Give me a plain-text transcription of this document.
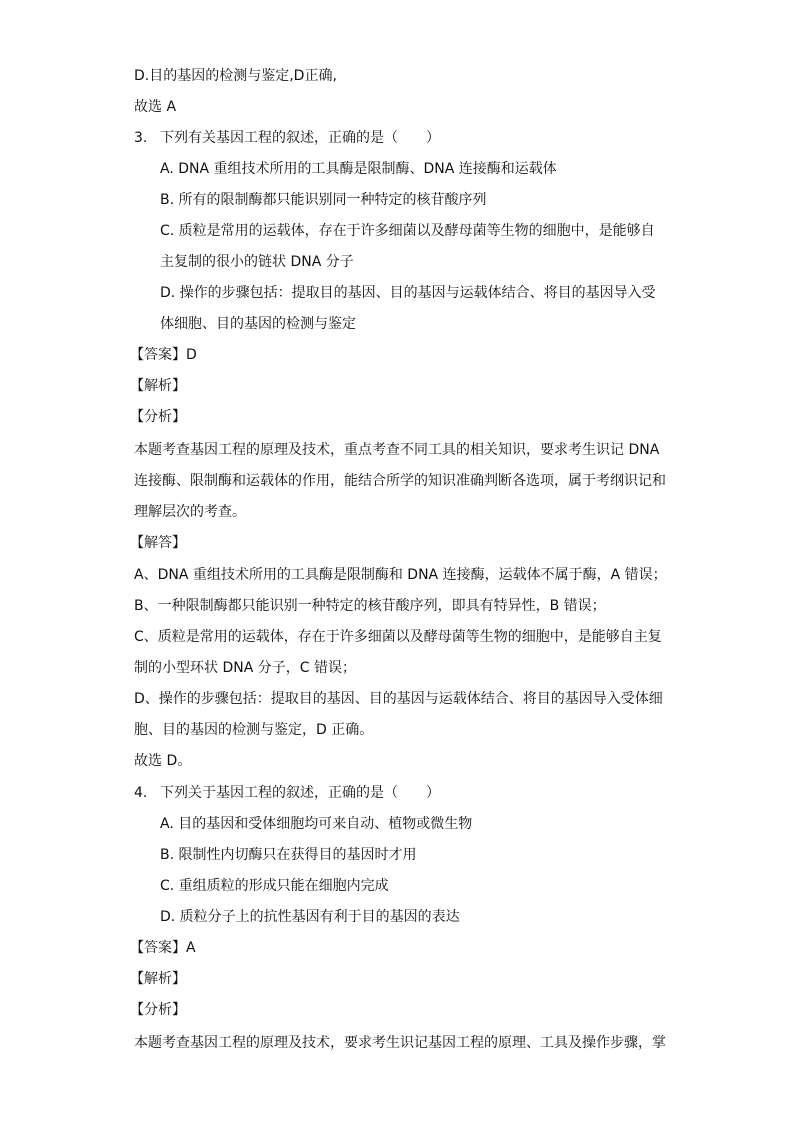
D.目的基因的检测与鉴定,D正确,
故选 A
3. 下列有关基因工程的叙述，正确的是（　　）
A. DNA 重组技术所用的工具酶是限制酶、DNA 连接酶和运载体
B. 所有的限制酶都只能识别同一种特定的核苷酸序列
C. 质粒是常用的运载体，存在于许多细菌以及酵母菌等生物的细胞中，是能够自
主复制的很小的链状 DNA 分子
D. 操作的步骤包括：提取目的基因、目的基因与运载体结合、将目的基因导入受
体细胞、目的基因的检测与鉴定
【答案】D
【解析】
【分析】
本题考查基因工程的原理及技术，重点考查不同工具的相关知识，要求考生识记 DNA
连接酶、限制酶和运载体的作用，能结合所学的知识准确判断各选项，属于考纲识记和
理解层次的考查。
【解答】
A、DNA 重组技术所用的工具酶是限制酶和 DNA 连接酶，运载体不属于酶，A 错误；
B、一种限制酶都只能识别一种特定的核苷酸序列，即具有特异性，B 错误；
C、质粒是常用的运载体，存在于许多细菌以及酵母菌等生物的细胞中，是能够自主复
制的小型环状 DNA 分子，C 错误；
D、操作的步骤包括：提取目的基因、目的基因与运载体结合、将目的基因导入受体细
胞、目的基因的检测与鉴定，D 正确。
故选 D。
4. 下列关于基因工程的叙述，正确的是（　　）
A. 目的基因和受体细胞均可来自动、植物或微生物
B. 限制性内切酶只在获得目的基因时才用
C. 重组质粒的形成只能在细胞内完成
D. 质粒分子上的抗性基因有利于目的基因的表达
【答案】A
【解析】
【分析】
本题考查基因工程的原理及技术，要求考生识记基因工程的原理、工具及操作步骤，掌
